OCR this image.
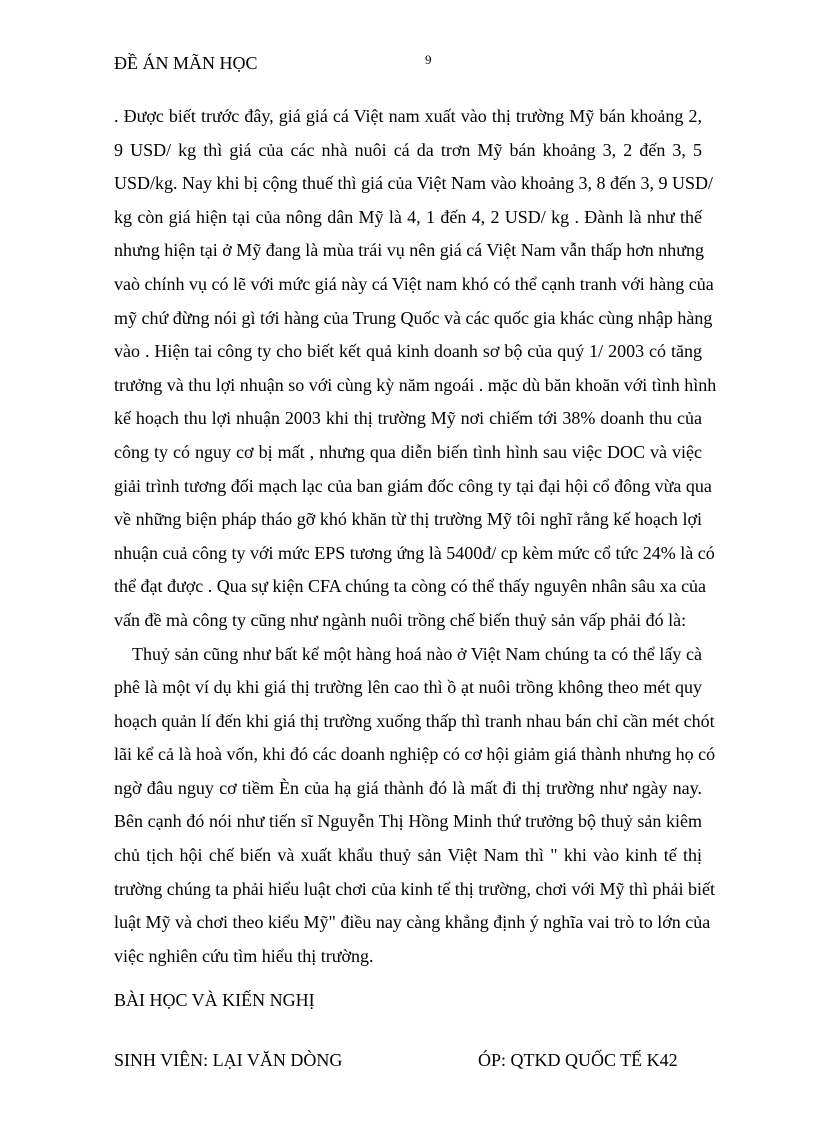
ĐỀ ÁN MÃN HỌC	9
. Được biết trước đây, giá giá cá Việt nam xuất vào thị trường Mỹ bán khoảng 2,
9 USD/ kg thì giá của các nhà nuôi cá da trơn Mỹ bán khoảng 3, 2 đến 3, 5
USD/kg. Nay khi bị cộng thuế thì giá của Việt Nam vào khoảng 3, 8 đến 3, 9 USD/
kg còn giá hiện tại của nông dân Mỹ là 4, 1 đến 4, 2 USD/ kg . Đành là như thế
nhưng hiện tại ở Mỹ đang là mùa trái vụ nên giá cá Việt Nam vẫn thấp hơn nhưng
vaò chính vụ có lẽ với mức giá này cá Việt nam khó có thể cạnh tranh với hàng của
mỹ chứ đừng nói gì tới hàng của Trung Quốc và các quốc gia khác cùng nhập hàng
vào . Hiện tai công ty cho biết kết quả kinh doanh sơ bộ của quý 1/ 2003 có tăng
trưởng và thu lợi nhuận so với cùng kỳ năm ngoái . mặc dù băn khoăn với tình hình
kế hoạch thu lợi nhuận 2003 khi thị trường Mỹ nơi chiếm tới 38% doanh thu của
công ty có nguy cơ bị mất , nhưng qua diễn biến tình hình sau việc DOC và việc
giải trình tương đối mạch lạc của ban giám đốc công ty tại đại hội cổ đông vừa qua
về những biện pháp tháo gỡ khó khăn từ thị trường Mỹ tôi nghĩ rằng kế hoạch lợi
nhuận cuả công ty với mức EPS tương ứng là 5400đ/ cp kèm mức cổ tức 24% là có
thể đạt được . Qua sự kiện CFA chúng ta còng có thể thấy nguyên nhân sâu xa của
vấn đề mà công ty cũng như ngành nuôi trồng chế biến thuỷ sản vấp phải đó là:
Thuỷ sản cũng như bất kể một hàng hoá nào ở Việt Nam chúng ta có thể lấy cà
phê là một ví dụ khi giá thị trường lên cao thì ồ ạt nuôi trồng không theo mét quy
hoạch quản lí đến khi giá thị trường xuống thấp thì tranh nhau bán chỉ cần mét chót
lãi kể cả là hoà vốn, khi đó các doanh nghiệp có cơ hội giảm giá thành nhưng họ có
ngờ đâu nguy cơ tiềm Èn của hạ giá thành đó là mất đi thị trường như ngày nay.
Bên cạnh đó nói như tiến sĩ Nguyễn Thị Hồng Minh thứ trưởng bộ thuỷ sản kiêm
chủ tịch hội chế biến và xuất khẩu thuỷ sản Việt Nam thì " khi vào kinh tế thị
trường chúng ta phải hiểu luật chơi của kinh tế thị trường, chơi với Mỹ thì phải biết
luật Mỹ và chơi theo kiểu Mỹ" điều nay càng khẳng định ý nghĩa vai trò to lớn của
việc nghiên cứu tìm hiểu thị trường.
BÀI HỌC VÀ KIẾN NGHỊ
SINH VIÊN: LẠI VĂN DÒNG	ÓP: QTKD QUỐC TẾ K42
